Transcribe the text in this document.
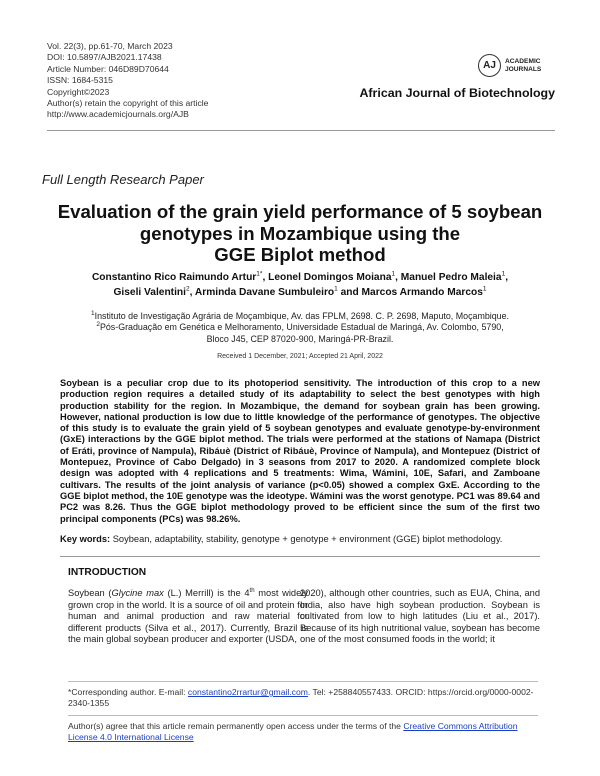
Vol. 22(3), pp.61-70, March 2023
DOI: 10.5897/AJB2021.17438
Article Number: 046D89D70644
ISSN: 1684-5315
Copyright©2023
Author(s) retain the copyright of this article
http://www.academicjournals.org/AJB
AJ	ACADEMIC
JOURNALS
African Journal of Biotechnology
Full Length Research Paper
Evaluation of the grain yield performance of 5 soybean
genotypes in Mozambique using the
GGE Biplot method
Constantino Rico Raimundo Artur$^{1*}$, Leonel Domingos Moiana$^1$, Manuel Pedro Maleia$^1$,
Giseli Valentini$^2$, Arminda Davane Sumbuleiro$^1$ and Marcos Armando Marcos$^1$
$^1$Instituto de Investigação Agrária de Moçambique, Av. das FPLM, 2698. C. P. 2698, Maputo, Moçambique.
$^2$Pós-Graduação em Genética e Melhoramento, Universidade Estadual de Maringá, Av. Colombo, 5790,
Bloco J45, CEP 87020-900, Maringá-PR-Brazil.
Received 1 December, 2021; Accepted 21 April, 2022
Soybean is a peculiar crop due to its photoperiod sensitivity. The introduction of this crop to a new production region requires a detailed study of its adaptability to select the best genotypes with high production stability for the region. In Mozambique, the demand for soybean grain has been growing. However, national production is low due to little knowledge of the performance of genotypes. The objective of this study is to evaluate the grain yield of 5 soybean genotypes and evaluate genotype-by-environment (GxE) interactions by the GGE biplot method. The trials were performed at the stations of Namapa (District of Eráti, province of Nampula), Ribáuè (District of Ribáuè, Province of Nampula), and Montepuez (District of Montepuez, Province of Cabo Delgado) in 3 seasons from 2017 to 2020. A randomized complete block design was adopted with 4 replications and 5 treatments: Wima, Wámini, 10E, Safari, and Zamboane cultivars. The results of the joint analysis of variance (p<0.05) showed a complex GxE. According to the GGE biplot method, the 10E genotype was the ideotype. Wámini was the worst genotype. PC1 was 89.64 and PC2 was 8.26. Thus the GGE biplot methodology proved to be efficient since the sum of the first two principal components (PCs) was 98.26%.
Key words: Soybean, adaptability, stability, genotype + genotype + environment (GGE) biplot methodology.
INTRODUCTION
Soybean (Glycine max (L.) Merrill) is the 4th most widely grown crop in the world. It is a source of oil and protein for human and animal production and raw material for different products (Silva et al., 2017). Currently, Brazil is the main global soybean producer and exporter (USDA,
2020), although other countries, such as EUA, China, and India, also have high soybean production. Soybean is cultivated from low to high latitudes (Liu et al., 2017). Because of its high nutritional value, soybean has become one of the most consumed foods in the world; it
*Corresponding author. E-mail: constantino2rrartur@gmail.com. Tel: +258840557433. ORCID: https://orcid.org/0000-0002-2340-1355
Author(s) agree that this article remain permanently open access under the terms of the Creative Commons Attribution License 4.0 International License
